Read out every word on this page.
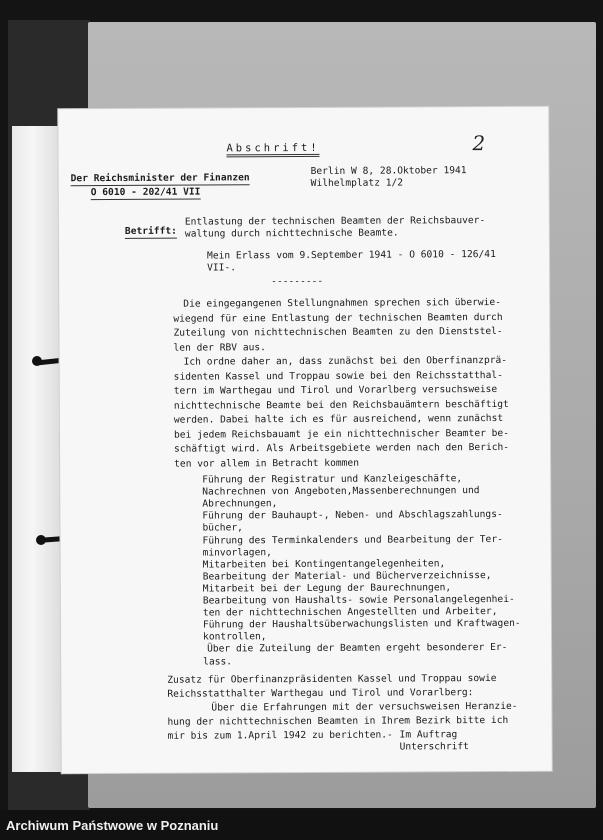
Abschrift!	2
Der Reichsminister der Finanzen
O 6010 - 202/41 VII
Berlin W 8, 28.Oktober 1941
Wilhelmplatz 1/2
Betrifft:
Entlastung der technischen Beamten der Reichsbauver-
waltung durch nichttechnische Beamte.
Mein Erlass vom 9.September 1941 - O 6010 - 126/41
VII-.
---------
Die eingegangenen Stellungnahmen sprechen sich überwie-
wiegend für eine Entlastung der technischen Beamten durch
Zuteilung von nichttechnischen Beamten zu den Dienststel-
len der RBV aus.
Ich ordne daher an, dass zunächst bei den Oberfinanzprä-
sidenten Kassel und Troppau sowie bei den Reichsstatthal-
tern im Warthegau und Tirol und Vorarlberg versuchsweise
nichttechnische Beamte bei den Reichsbauämtern beschäftigt
werden. Dabei halte ich es für ausreichend, wenn zunächst
bei jedem Reichsbauamt je ein nichttechnischer Beamter be-
schäftigt wird. Als Arbeitsgebiete werden nach den Berich-
ten vor allem in Betracht kommen
Führung der Registratur und Kanzleigeschäfte,
Nachrechnen von Angeboten,Massenberechnungen und
Abrechnungen,
Führung der Bauhaupt-, Neben- und Abschlagszahlungs-
bücher,
Führung des Terminkalenders und Bearbeitung der Ter-
minvorlagen,
Mitarbeiten bei Kontingentangelegenheiten,
Bearbeitung der Material- und Bücherverzeichnisse,
Mitarbeit bei der Legung der Baurechnungen,
Bearbeitung von Haushalts- sowie Personalangelegenhei-
ten der nichttechnischen Angestellten und Arbeiter,
Führung der Haushaltsüberwachungslisten und Kraftwagen-
kontrollen,
Über die Zuteilung der Beamten ergeht besonderer Er-
lass.
Zusatz für Oberfinanzpräsidenten Kassel und Troppau sowie
Reichsstatthalter Warthegau und Tirol und Vorarlberg:
Über die Erfahrungen mit der versuchsweisen Heranzie-
hung der nichttechnischen Beamten in Ihrem Bezirk bitte ich
mir bis zum 1.April 1942 zu berichten.- Im Auftrag
Unterschrift
Archiwum Państwowe w Poznaniu
